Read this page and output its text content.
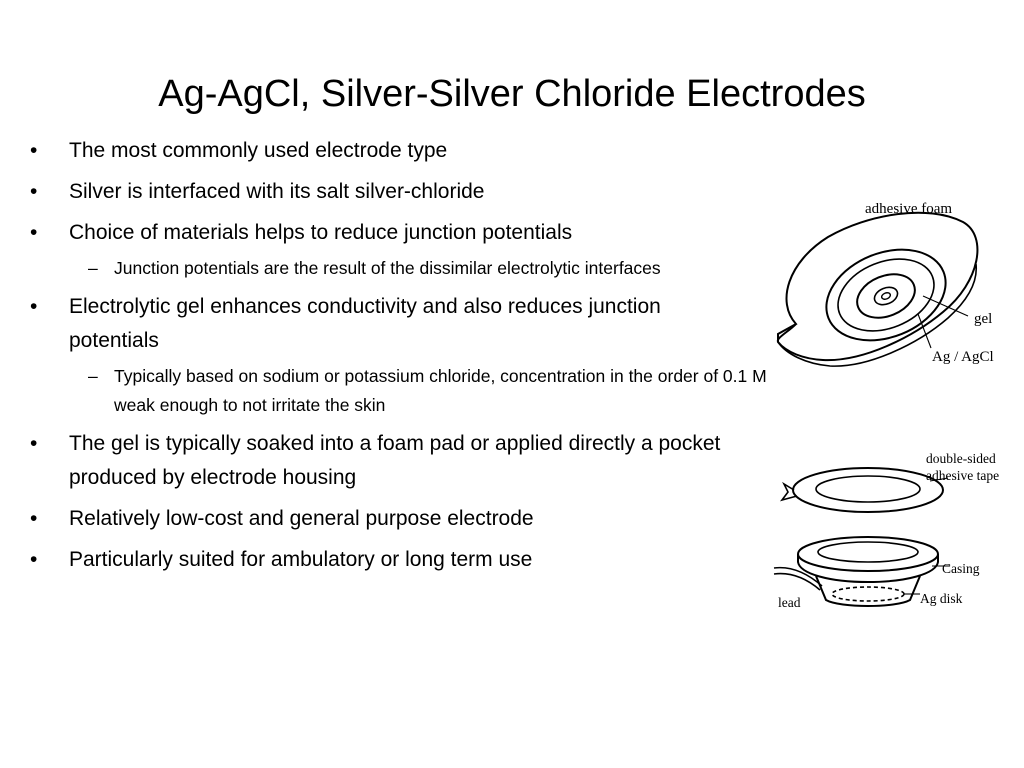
Ag-AgCl, Silver-Silver Chloride Electrodes
•	The most commonly used electrode type
•	Silver is interfaced with its salt silver-chloride
•	Choice of materials helps to reduce junction potentials
– Junction potentials are the result of the dissimilar electrolytic interfaces
•	Electrolytic gel enhances conductivity and also reduces junction potentials
– Typically based on sodium or potassium chloride, concentration in the order of 0.1 M weak enough to not irritate the skin
•	The gel is typically soaked into a foam pad or applied directly a pocket produced by electrode housing
•	Relatively low-cost and general purpose electrode
•	Particularly suited for ambulatory or long term use
adhesive foam
gel
Ag / AgCl
double-sided
adhesive tape
Casing
Ag disk
lead
